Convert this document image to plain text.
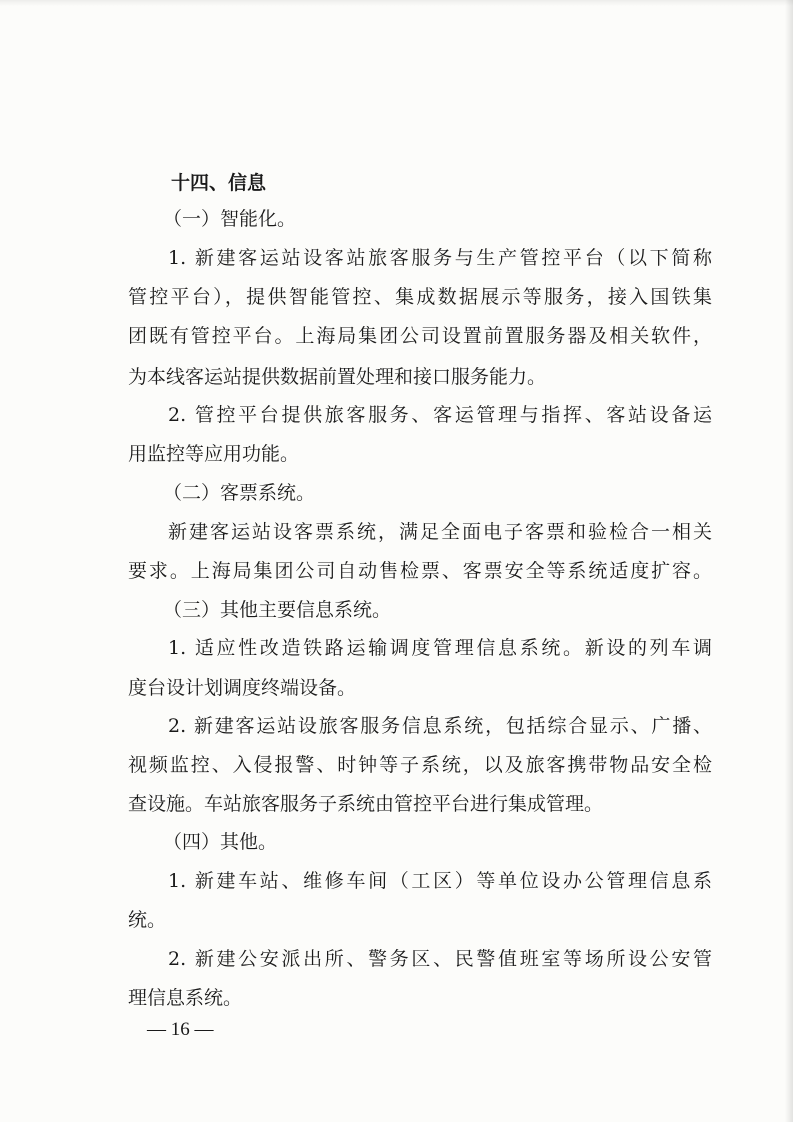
十四、信息

（一）智能化。

1. 新建客运站设客站旅客服务与生产管控平台（以下简称

管控平台），提供智能管控、集成数据展示等服务，接入国铁集

团既有管控平台。上海局集团公司设置前置服务器及相关软件，

为本线客运站提供数据前置处理和接口服务能力。

2. 管控平台提供旅客服务、客运管理与指挥、客站设备运

用监控等应用功能。

（二）客票系统。

新建客运站设客票系统，满足全面电子客票和验检合一相关

要求。上海局集团公司自动售检票、客票安全等系统适度扩容。

（三）其他主要信息系统。

1. 适应性改造铁路运输调度管理信息系统。新设的列车调

度台设计划调度终端设备。

2. 新建客运站设旅客服务信息系统，包括综合显示、广播、

视频监控、入侵报警、时钟等子系统，以及旅客携带物品安全检

查设施。车站旅客服务子系统由管控平台进行集成管理。

（四）其他。

1. 新建车站、维修车间（工区）等单位设办公管理信息系

统。

2. 新建公安派出所、警务区、民警值班室等场所设公安管

理信息系统。

— 16 —
